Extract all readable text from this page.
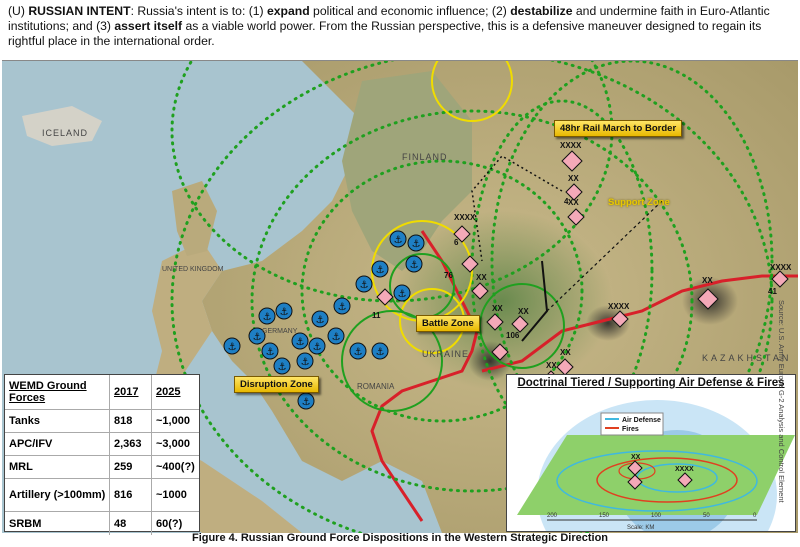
(U) RUSSIAN INTENT: Russia's intent is to: (1) expand political and economic influence; (2) destabilize and undermine faith in Euro-Atlantic institutions; and (3) assert itself as a viable world power. From the Russian perspective, this is a defensive maneuver designed to regain its rightful place in the international order.
⚓
⚓ ⚓
⚓
⚓
⚓
⚓ ⚓
⚓
⚓
⚓
⚓ ⚓
⚓
⚓
⚓
⚓
⚓ ⚓
⚓
⚓
ICELAND
FINLAND
UKRAINE
ROMANIA
KAZAKHSTAN
UNITED KINGDOM
GERMANY
48hr Rail March to Border
Support Zone
Battle Zone
Disruption Zone
XXXX
XX
XX
4
XXXX
6
76	XX
XX XX
11
106
XXXX
41
XXXX
XX
XX
XX
WEMD Ground Forces	2017	2025
Tanks	818	~1,000
APC/IFV	2,363	~3,000
MRL	259	~400(?)
Artillery (>100mm) 816	~1000
SRBM	48	60(?)
Doctrinal Tiered / Supporting Air Defense & Fires
XX
XXXX
Air Defense
Fires
200	150	100	50	0
Scale: KM
Source: U.S. Army Europe G-2 Analysis and Control Element
Figure 4. Russian Ground Force Dispositions in the Western Strategic Direction
